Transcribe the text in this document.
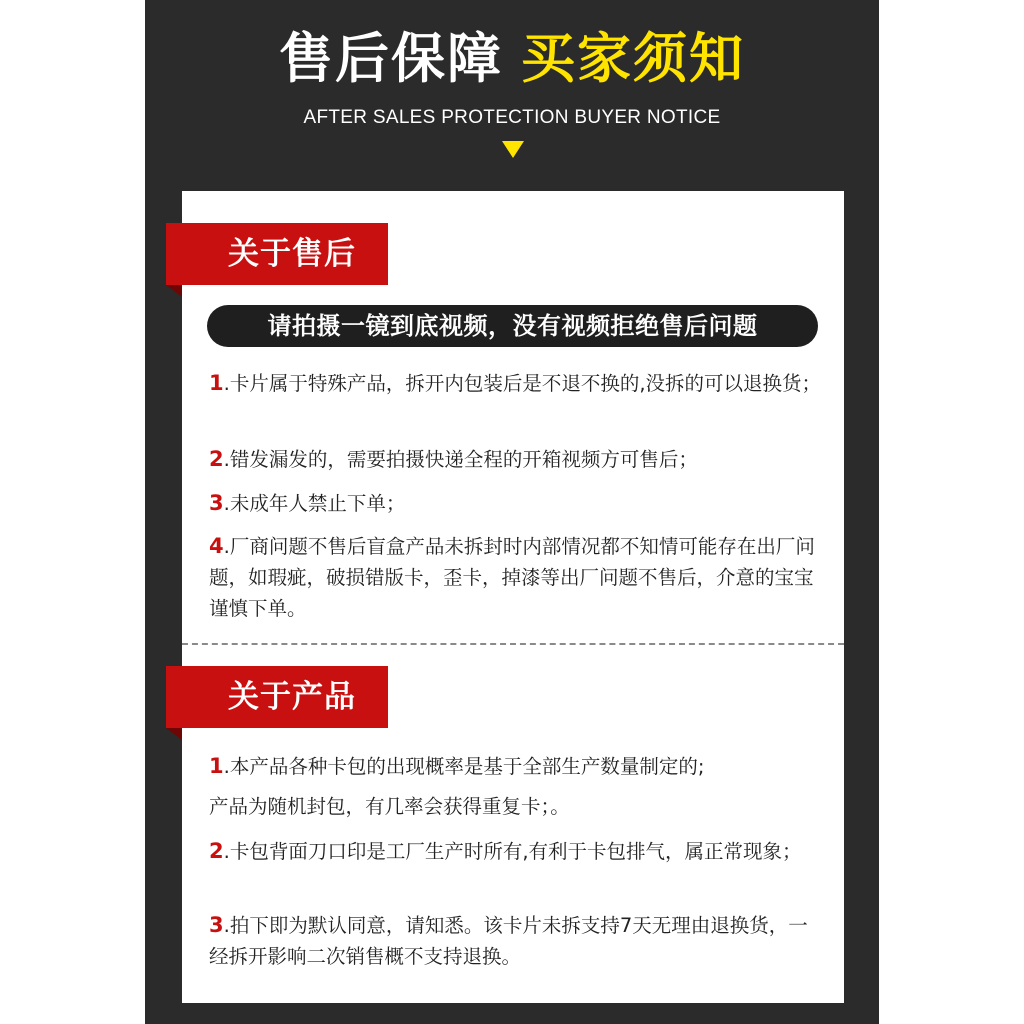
售后保障 买家须知
AFTER SALES PROTECTION BUYER NOTICE
关于售后
请拍摄一镜到底视频，没有视频拒绝售后问题
1.卡片属于特殊产品，拆开内包装后是不退不换的,没拆的可以退换货；
2.错发漏发的，需要拍摄快递全程的开箱视频方可售后；
3.未成年人禁止下单；
4.厂商问题不售后盲盒产品未拆封时内部情况都不知情可能存在出厂问题，如瑕疵，破损错版卡，歪卡，掉漆等出厂问题不售后，介意的宝宝谨慎下单。
关于产品
1.本产品各种卡包的出现概率是基于全部生产数量制定的;
产品为随机封包，有几率会获得重复卡；。
2.卡包背面刀口印是工厂生产时所有,有利于卡包排气，属正常现象；
3.拍下即为默认同意，请知悉。该卡片未拆支持7天无理由退换货，一经拆开影响二次销售概不支持退换。
